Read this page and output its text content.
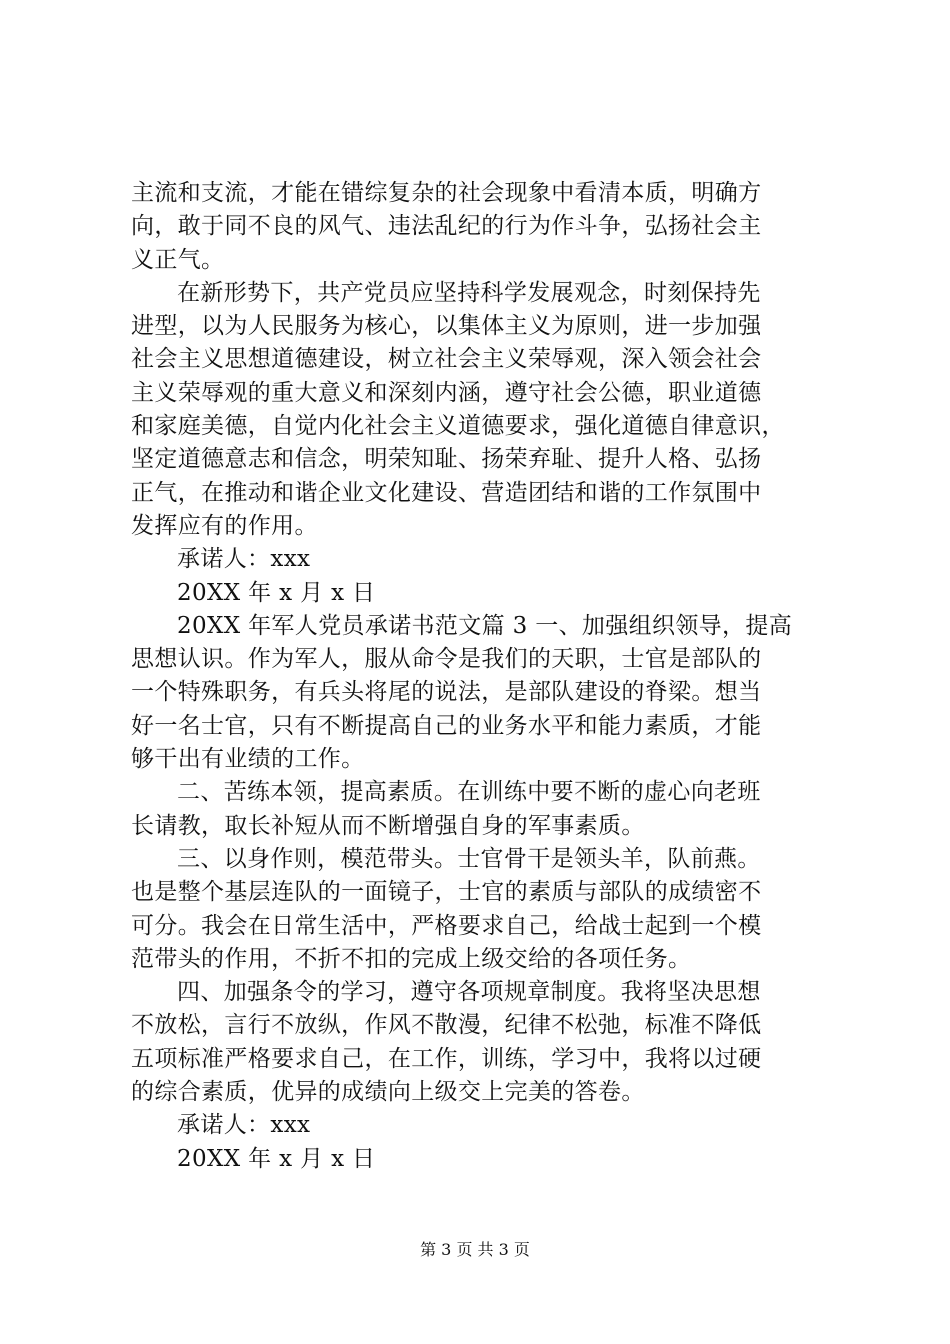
主流和支流，才能在错综复杂的社会现象中看清本质，明确方
向，敢于同不良的风气、违法乱纪的行为作斗争，弘扬社会主
义正气。
在新形势下，共产党员应坚持科学发展观念，时刻保持先
进型，以为人民服务为核心，以集体主义为原则，进一步加强
社会主义思想道德建设，树立社会主义荣辱观，深入领会社会
主义荣辱观的重大意义和深刻内涵，遵守社会公德，职业道德
和家庭美德，自觉内化社会主义道德要求，强化道德自律意识，
坚定道德意志和信念，明荣知耻、扬荣弃耻、提升人格、弘扬
正气，在推动和谐企业文化建设、营造团结和谐的工作氛围中
发挥应有的作用。
承诺人：xxx
20XX 年 x 月 x 日
20XX 年军人党员承诺书范文篇 3 一、加强组织领导，提高
思想认识。作为军人，服从命令是我们的天职，士官是部队的
一个特殊职务，有兵头将尾的说法，是部队建设的脊梁。想当
好一名士官，只有不断提高自己的业务水平和能力素质，才能
够干出有业绩的工作。
二、苦练本领，提高素质。在训练中要不断的虚心向老班
长请教，取长补短从而不断增强自身的军事素质。
三、以身作则，模范带头。士官骨干是领头羊，队前燕。
也是整个基层连队的一面镜子，士官的素质与部队的成绩密不
可分。我会在日常生活中，严格要求自己，给战士起到一个模
范带头的作用，不折不扣的完成上级交给的各项任务。
四、加强条令的学习，遵守各项规章制度。我将坚决思想
不放松，言行不放纵，作风不散漫，纪律不松弛，标准不降低
五项标准严格要求自己，在工作，训练，学习中，我将以过硬
的综合素质，优异的成绩向上级交上完美的答卷。
承诺人：xxx
20XX 年 x 月 x 日
第 3 页 共 3 页
